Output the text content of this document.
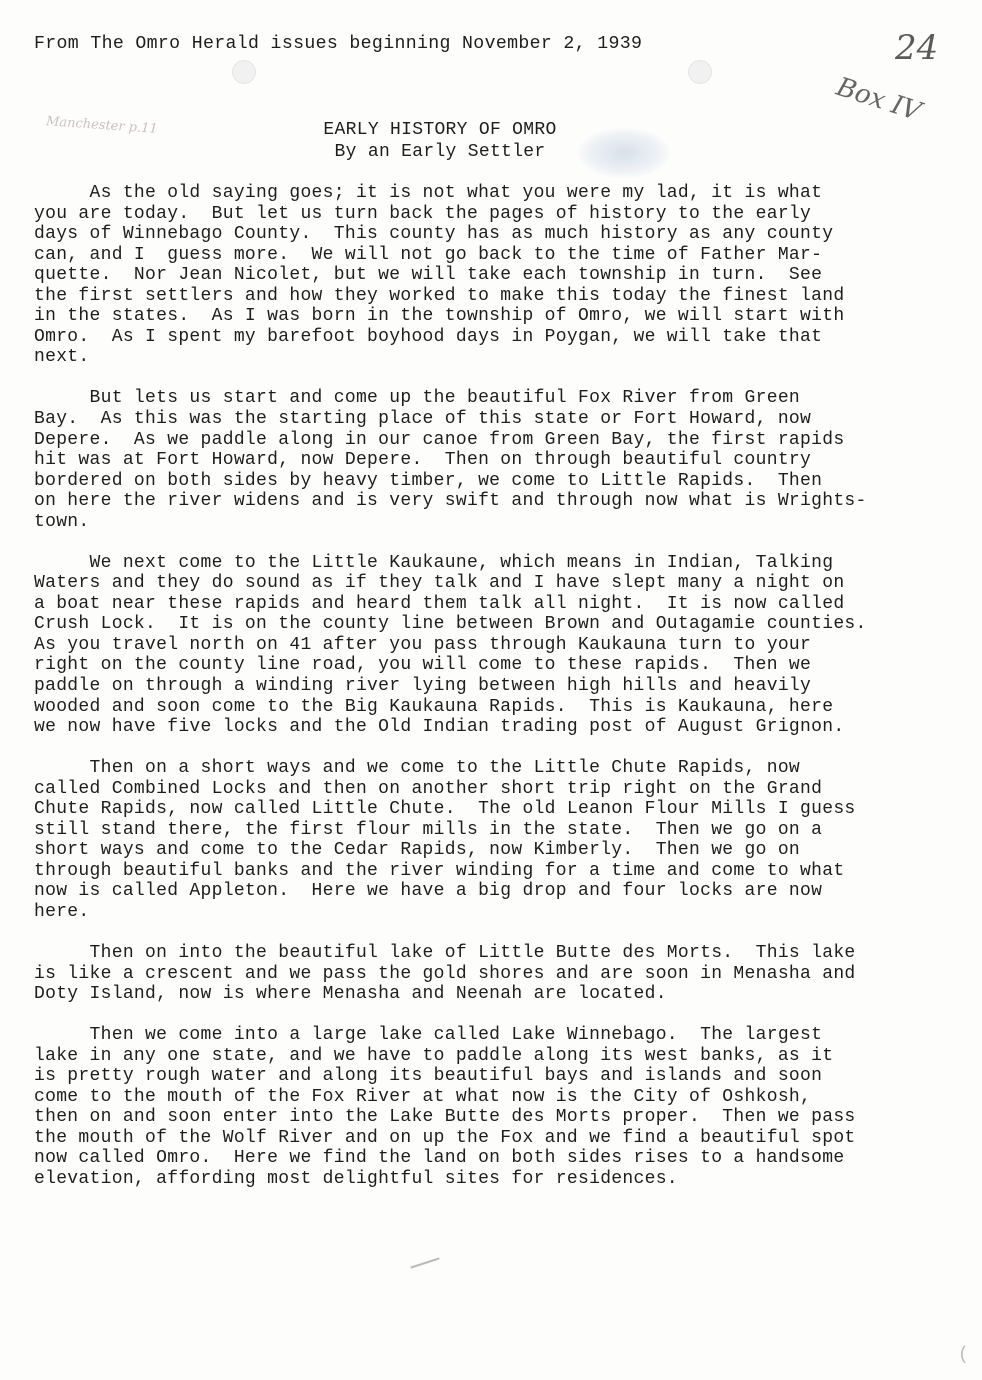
From The Omro Herald issues beginning November 2, 1939	24
Box IV
Manchester p.11	EARLY HISTORY OF OMRO
By an Early Settler
As the old saying goes; it is not what you were my lad, it is what
you are today.  But let us turn back the pages of history to the early
days of Winnebago County.  This county has as much history as any county
can, and I  guess more.  We will not go back to the time of Father Mar-
quette.  Nor Jean Nicolet, but we will take each township in turn.  See
the first settlers and how they worked to make this today the finest land
in the states.  As I was born in the township of Omro, we will start with
Omro.  As I spent my barefoot boyhood days in Poygan, we will take that
next.
But lets us start and come up the beautiful Fox River from Green
Bay.  As this was the starting place of this state or Fort Howard, now
Depere.  As we paddle along in our canoe from Green Bay, the first rapids
hit was at Fort Howard, now Depere.  Then on through beautiful country
bordered on both sides by heavy timber, we come to Little Rapids.  Then
on here the river widens and is very swift and through now what is Wrights-
town.
We next come to the Little Kaukaune, which means in Indian, Talking
Waters and they do sound as if they talk and I have slept many a night on
a boat near these rapids and heard them talk all night.  It is now called
Crush Lock.  It is on the county line between Brown and Outagamie counties.
As you travel north on 41 after you pass through Kaukauna turn to your
right on the county line road, you will come to these rapids.  Then we
paddle on through a winding river lying between high hills and heavily
wooded and soon come to the Big Kaukauna Rapids.  This is Kaukauna, here
we now have five locks and the Old Indian trading post of August Grignon.
Then on a short ways and we come to the Little Chute Rapids, now
called Combined Locks and then on another short trip right on the Grand
Chute Rapids, now called Little Chute.  The old Leanon Flour Mills I guess
still stand there, the first flour mills in the state.  Then we go on a
short ways and come to the Cedar Rapids, now Kimberly.  Then we go on
through beautiful banks and the river winding for a time and come to what
now is called Appleton.  Here we have a big drop and four locks are now
here.
Then on into the beautiful lake of Little Butte des Morts.  This lake
is like a crescent and we pass the gold shores and are soon in Menasha and
Doty Island, now is where Menasha and Neenah are located.
Then we come into a large lake called Lake Winnebago.  The largest
lake in any one state, and we have to paddle along its west banks, as it
is pretty rough water and along its beautiful bays and islands and soon
come to the mouth of the Fox River at what now is the City of Oshkosh,
then on and soon enter into the Lake Butte des Morts proper.  Then we pass
the mouth of the Wolf River and on up the Fox and we find a beautiful spot
now called Omro.  Here we find the land on both sides rises to a handsome
elevation, affording most delightful sites for residences.
(
